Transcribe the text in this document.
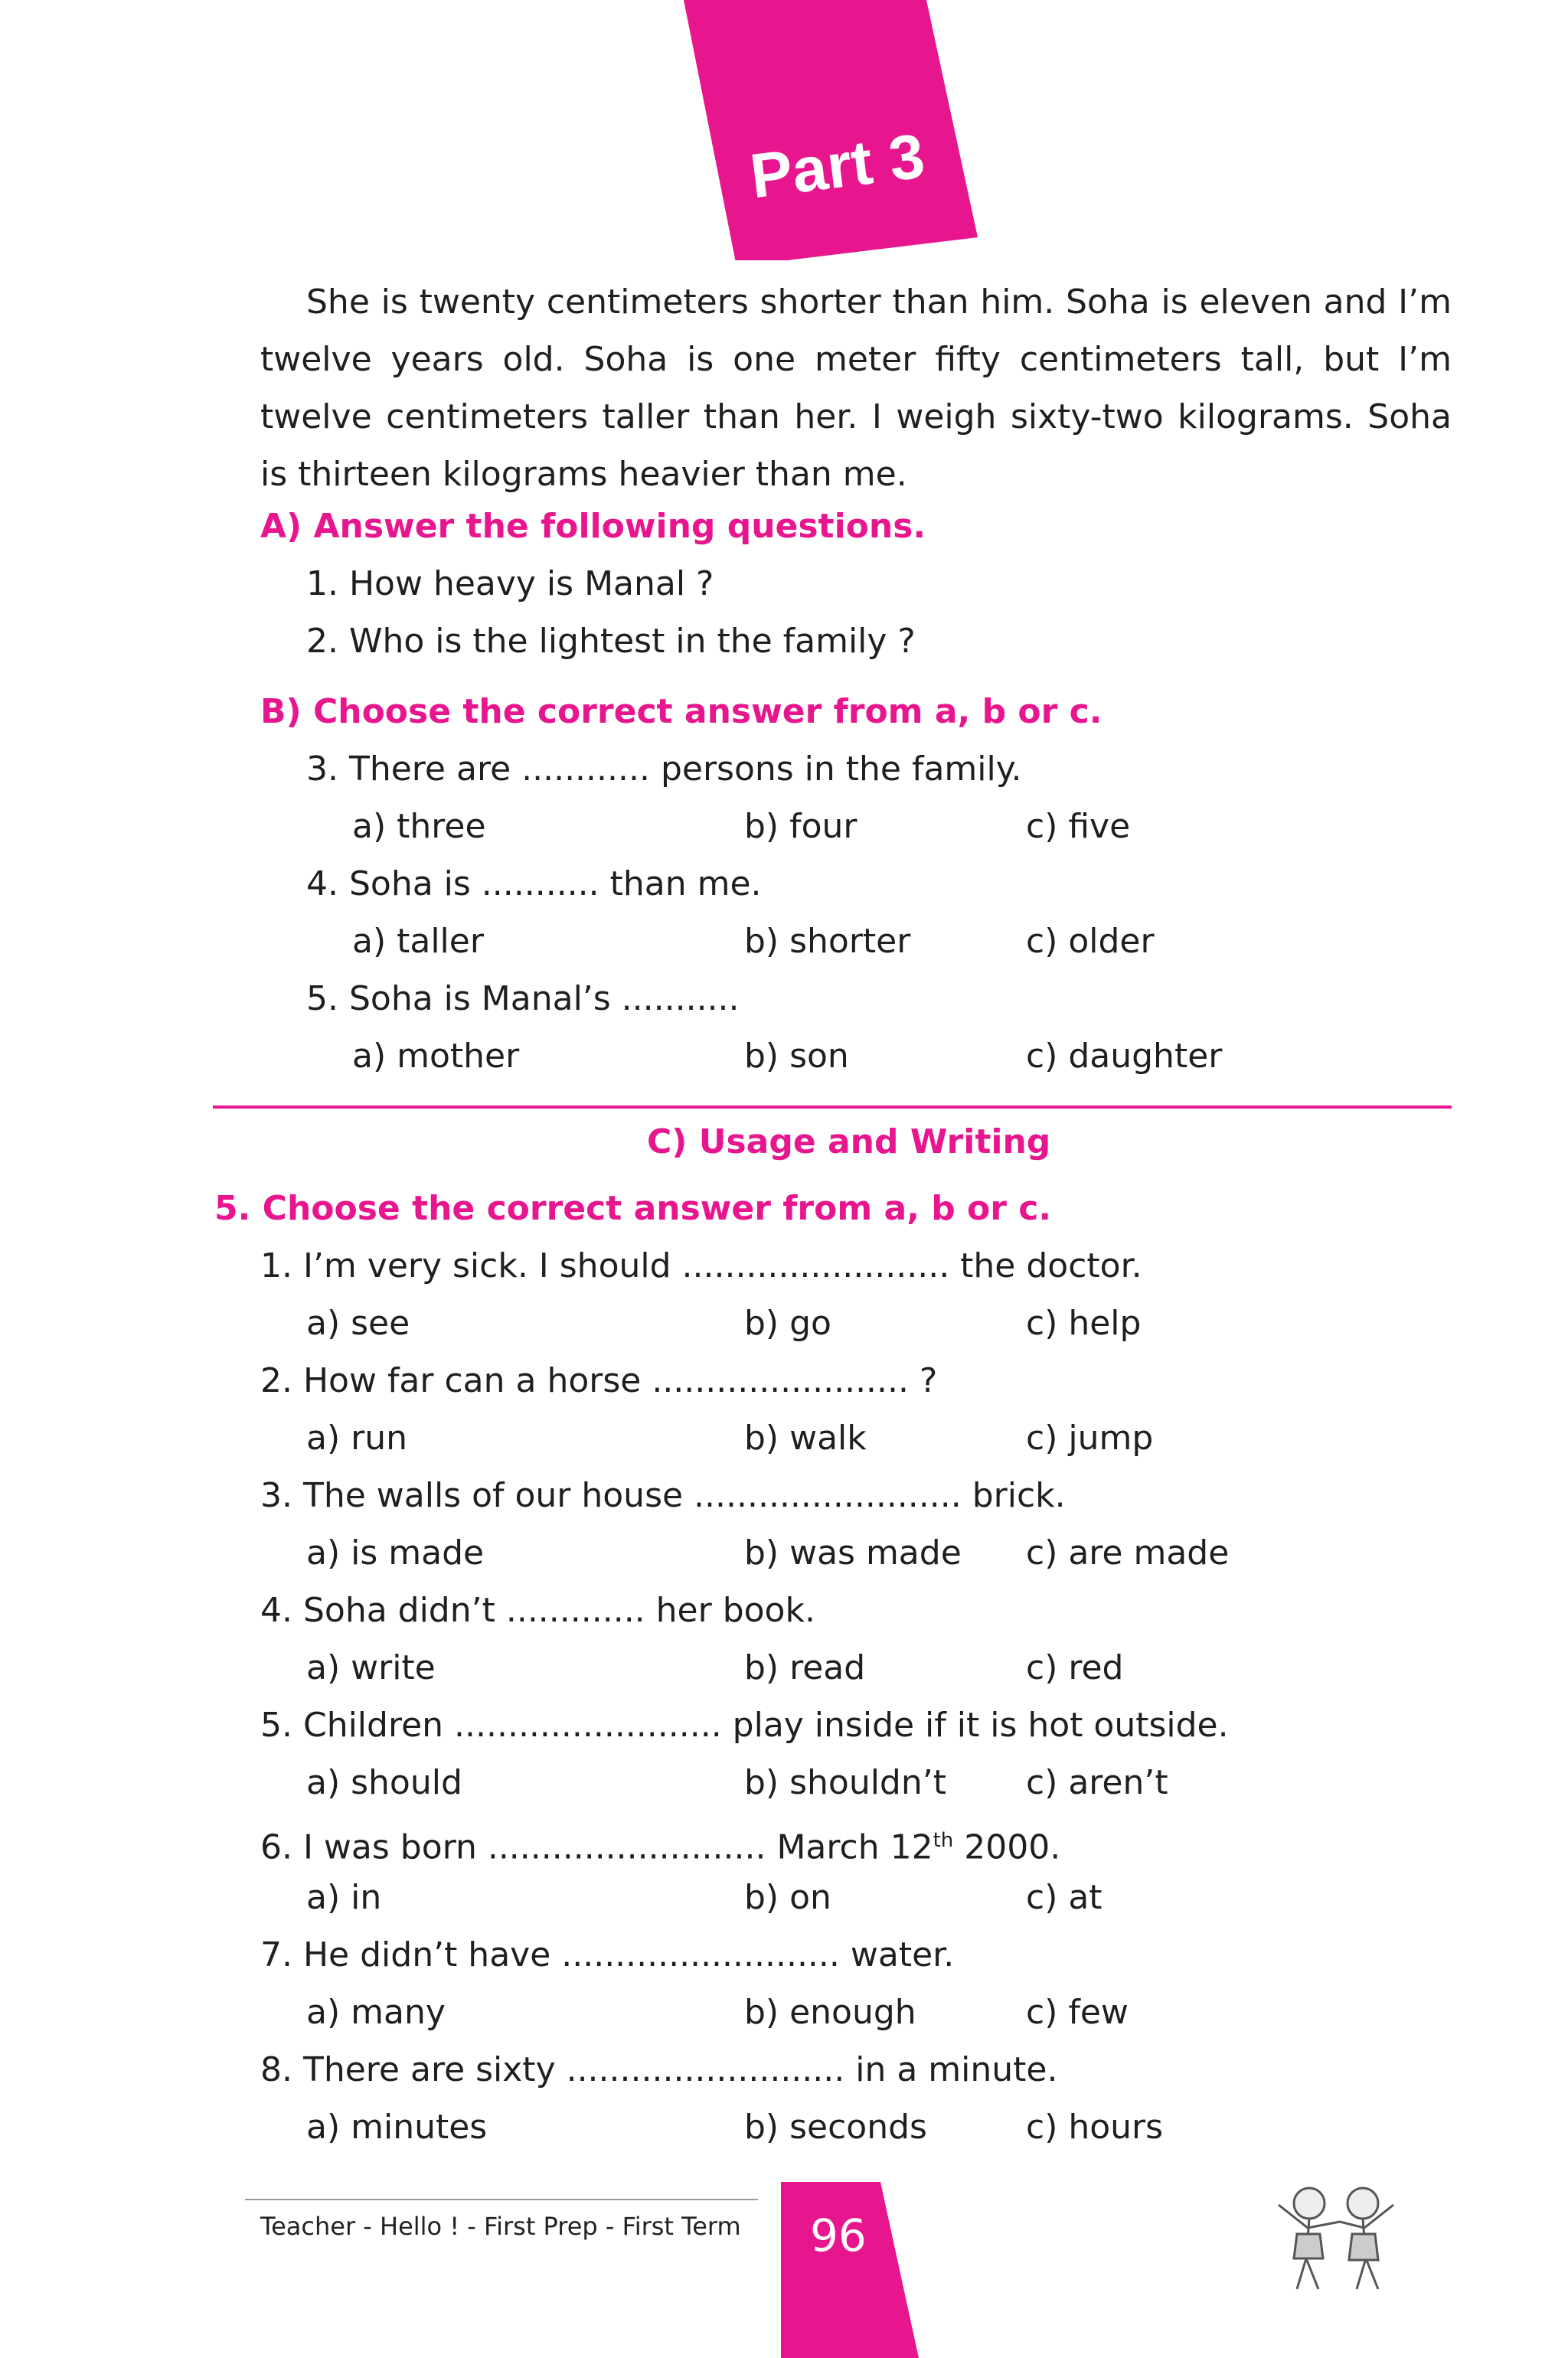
Part 3

She is twenty centimeters shorter than him. Soha is eleven and I’m twelve years old. Soha is one meter fifty centimeters tall, but I’m twelve centimeters taller than her. I weigh sixty-two kilograms. Soha is thirteen kilograms heavier than me.

A) Answer the following questions.
1. How heavy is Manal ?
2. Who is the lightest in the family ?
B) Choose the correct answer from a, b or c.
3. There are ............ persons in the family.
a) three	b) four	c) five
4. Soha is ........... than me.
a) taller	b) shorter	c) older
5. Soha is Manal’s ...........
a) mother	b) son	c) daughter
C) Usage and Writing
5. Choose the correct answer from a, b or c.
1. I’m very sick. I should ......................... the doctor.
a) see	b) go	c) help
2. How far can a horse ........................ ?
a) run	b) walk	c) jump
3. The walls of our house ......................... brick.
a) is made	b) was made c) are made
4. Soha didn’t ............. her book.
a) write	b) read	c) red
5. Children ......................... play inside if it is hot outside.
a) should	b) shouldn’t c) aren’t
6. I was born .......................... March 12th 2000.
a) in	b) on	c) at
7. He didn’t have .......................... water.
a) many	b) enough	c) few
8. There are sixty .......................... in a minute.
a) minutes	b) seconds	c) hours
Teacher - Hello ! - First Prep - First Term 96
